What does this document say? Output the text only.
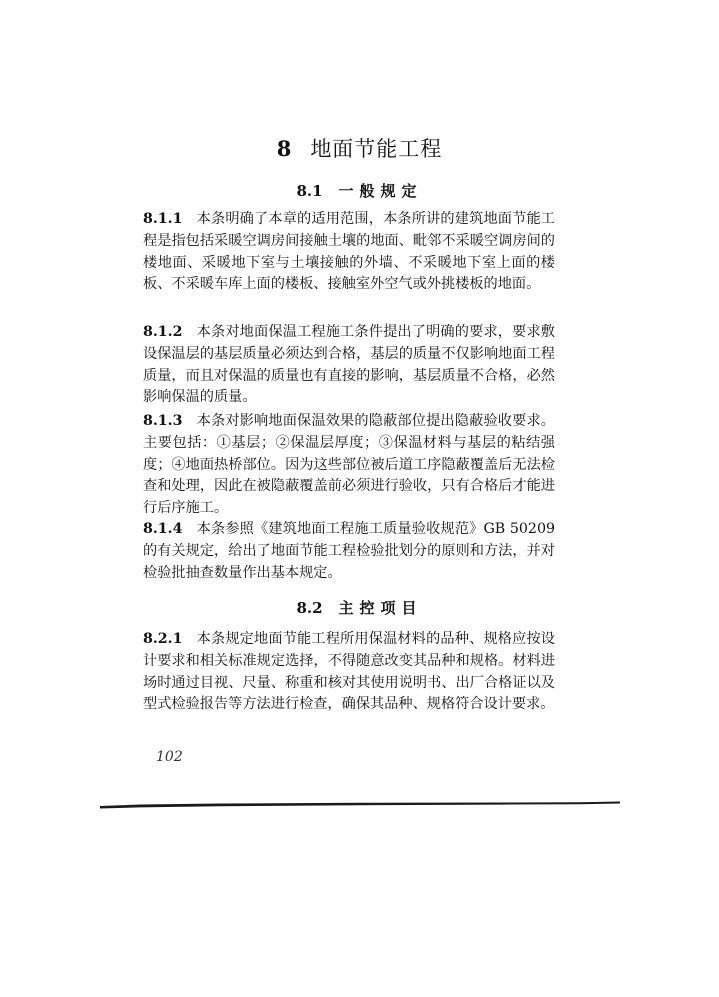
8 地面节能工程
8.1 一般规定

8.1.1 本条明确了本章的适用范围，本条所讲的建筑地面节能工程是指包括采暖空调房间接触土壤的地面、毗邻不采暖空调房间的楼地面、采暖地下室与土壤接触的外墙、不采暖地下室上面的楼板、不采暖车库上面的楼板、接触室外空气或外挑楼板的地面。

8.1.2 本条对地面保温工程施工条件提出了明确的要求，要求敷设保温层的基层质量必须达到合格，基层的质量不仅影响地面工程质量，而且对保温的质量也有直接的影响，基层质量不合格，必然影响保温的质量。

8.1.3 本条对影响地面保温效果的隐蔽部位提出隐蔽验收要求。主要包括：①基层；②保温层厚度；③保温材料与基层的粘结强度；④地面热桥部位。因为这些部位被后道工序隐蔽覆盖后无法检查和处理，因此在被隐蔽覆盖前必须进行验收，只有合格后才能进行后序施工。

8.1.4 本条参照《建筑地面工程施工质量验收规范》GB 50209的有关规定，给出了地面节能工程检验批划分的原则和方法，并对检验批抽查数量作出基本规定。

8.2 主控项目

8.2.1 本条规定地面节能工程所用保温材料的品种、规格应按设计要求和相关标准规定选择，不得随意改变其品种和规格。材料进场时通过目视、尺量、称重和核对其使用说明书、出厂合格证以及型式检验报告等方法进行检查，确保其品种、规格符合设计要求。

102
